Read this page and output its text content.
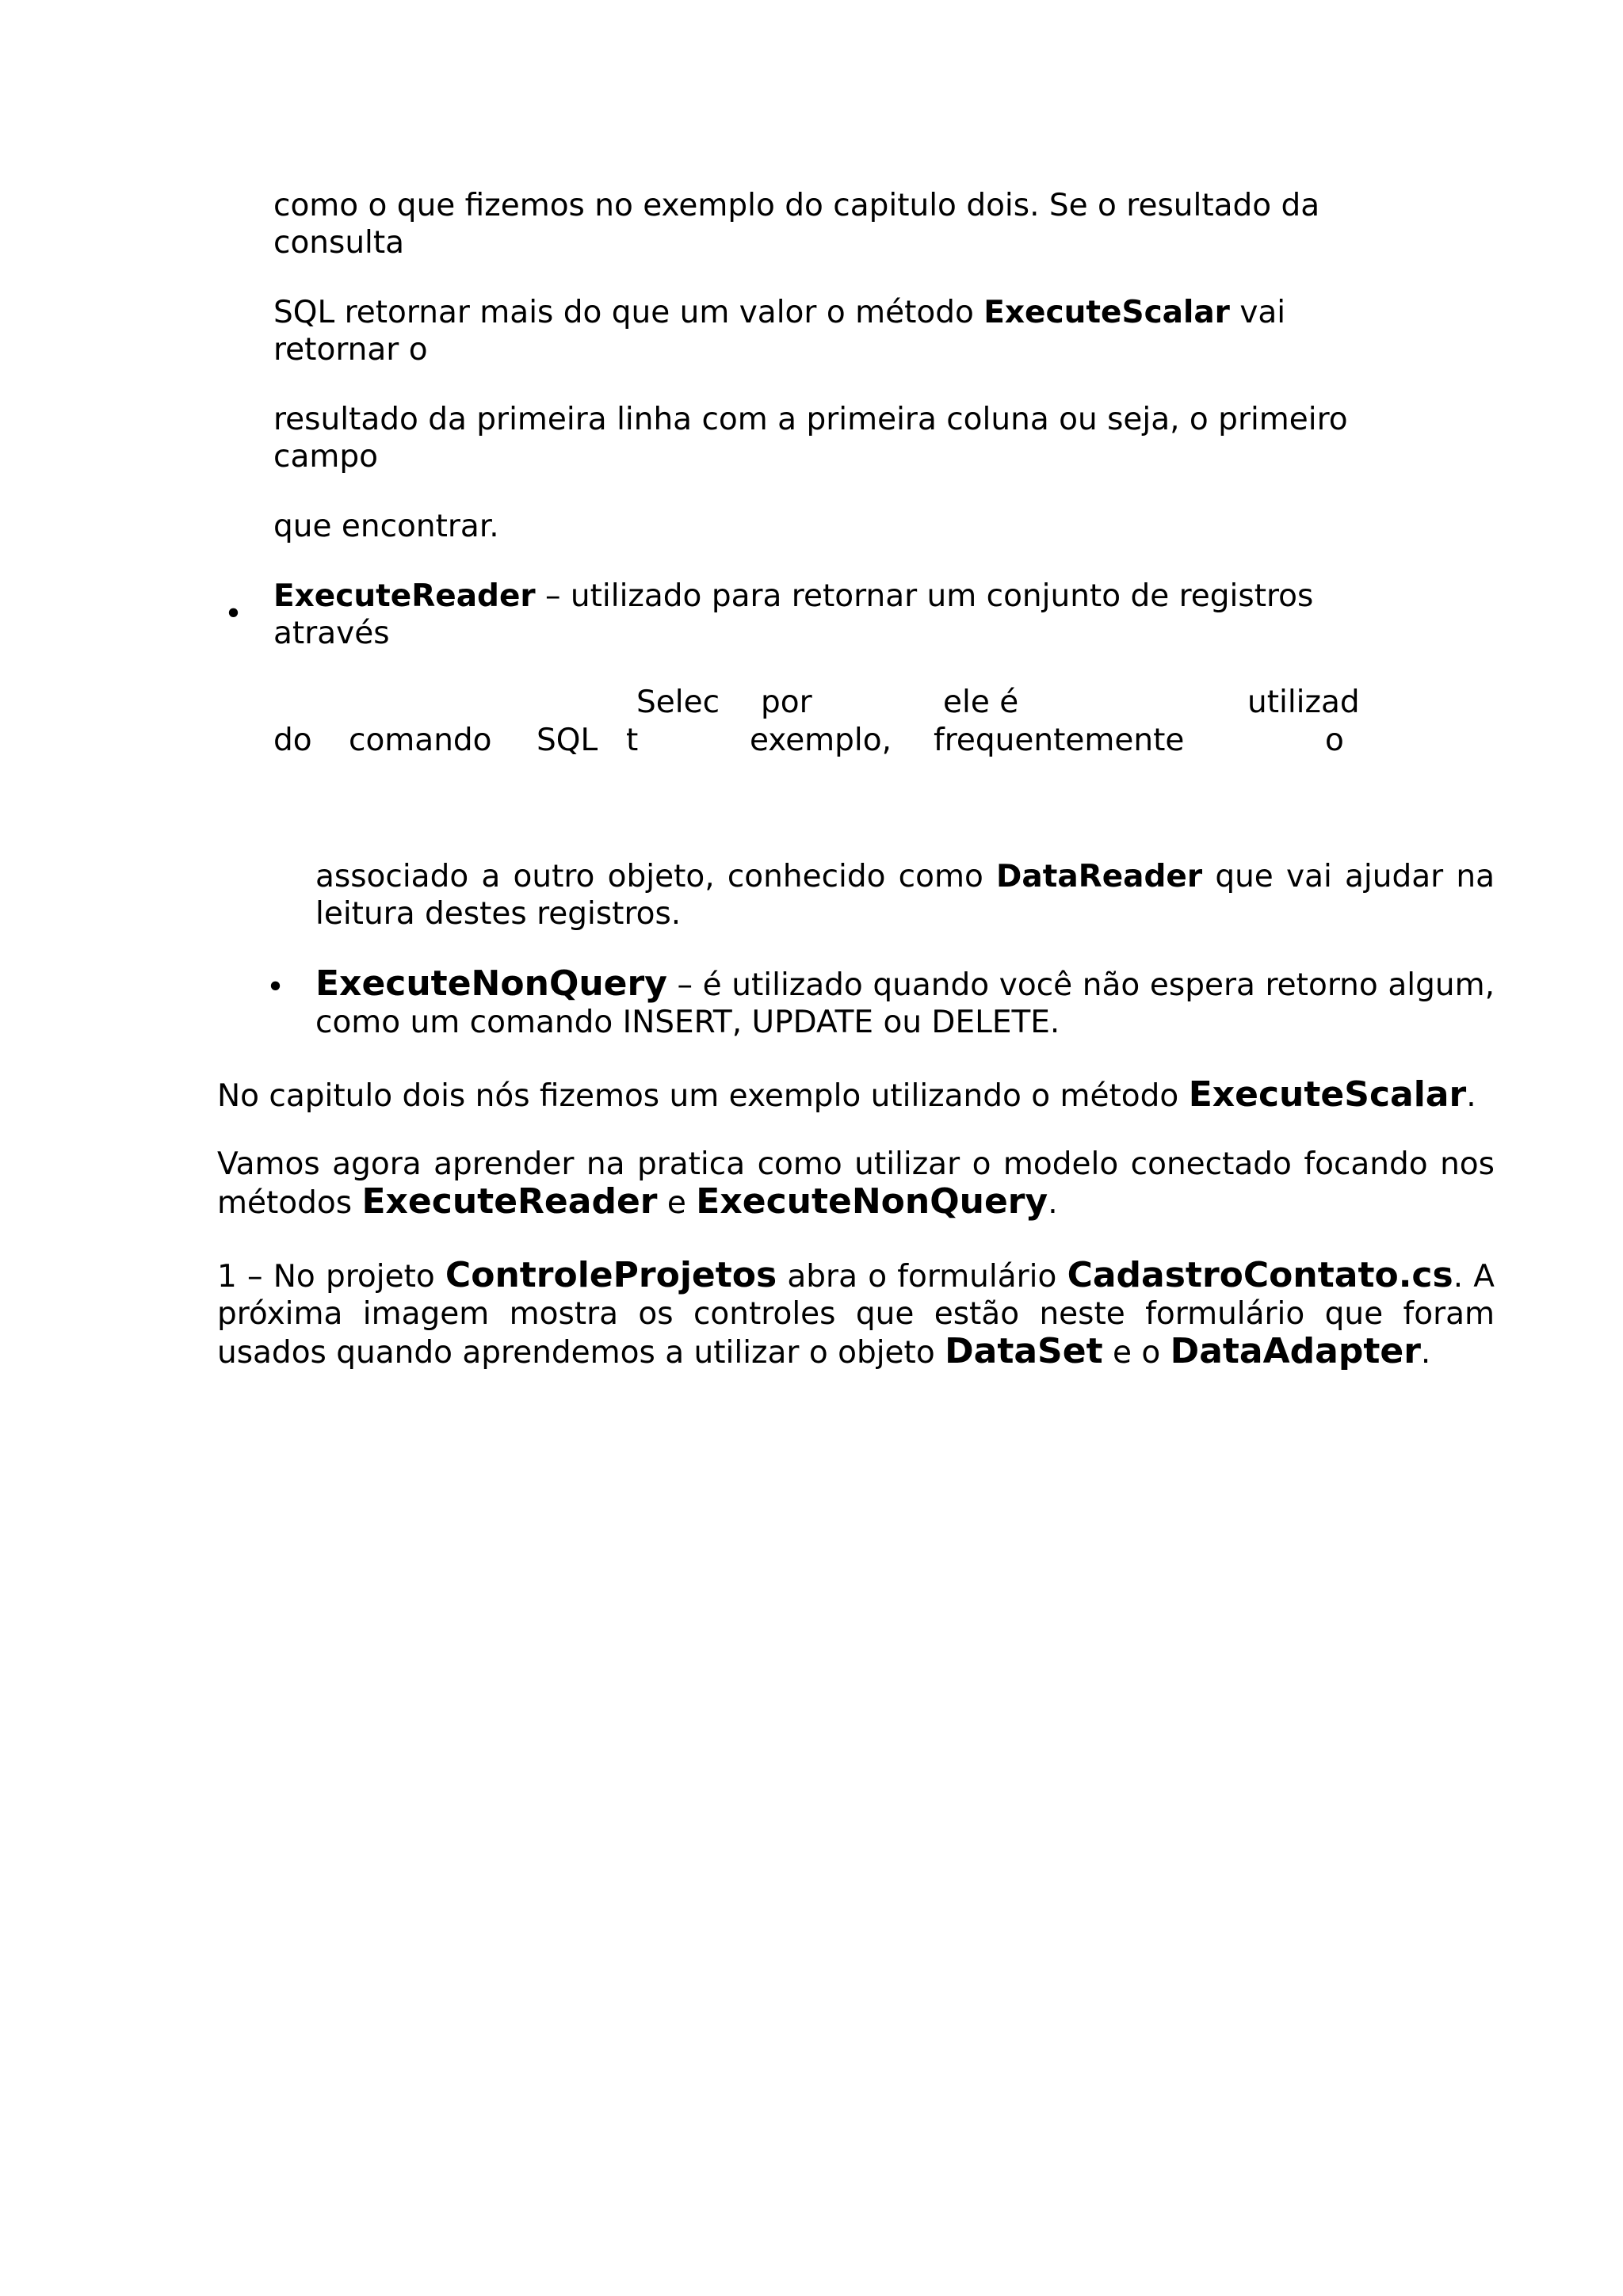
como o que fizemos no exemplo do capitulo dois. Se o resultado da

consulta

SQL retornar mais do que um valor o método ExecuteScalar vai

retornar o

resultado da primeira linha com a primeira coluna ou seja, o primeiro

campo

que encontrar.

•

ExecuteReader – utilizado para retornar um conjunto de registros

através

Selec por	ele é	utilizad
do comando SQL t	exemplo, frequentemente	o

associado a outro objeto, conhecido como DataReader que vai ajudar na leitura destes registros.

• ExecuteNonQuery – é utilizado quando você não espera retorno algum, como um comando INSERT, UPDATE ou DELETE.

No capitulo dois nós fizemos um exemplo utilizando o método ExecuteScalar.

Vamos agora aprender na pratica como utilizar o modelo conectado focando nos métodos ExecuteReader e ExecuteNonQuery.

1 – No projeto ControleProjetos abra o formulário CadastroContato.cs. A próxima imagem mostra os controles que estão neste formulário que foram usados quando aprendemos a utilizar o objeto DataSet e o DataAdapter.
